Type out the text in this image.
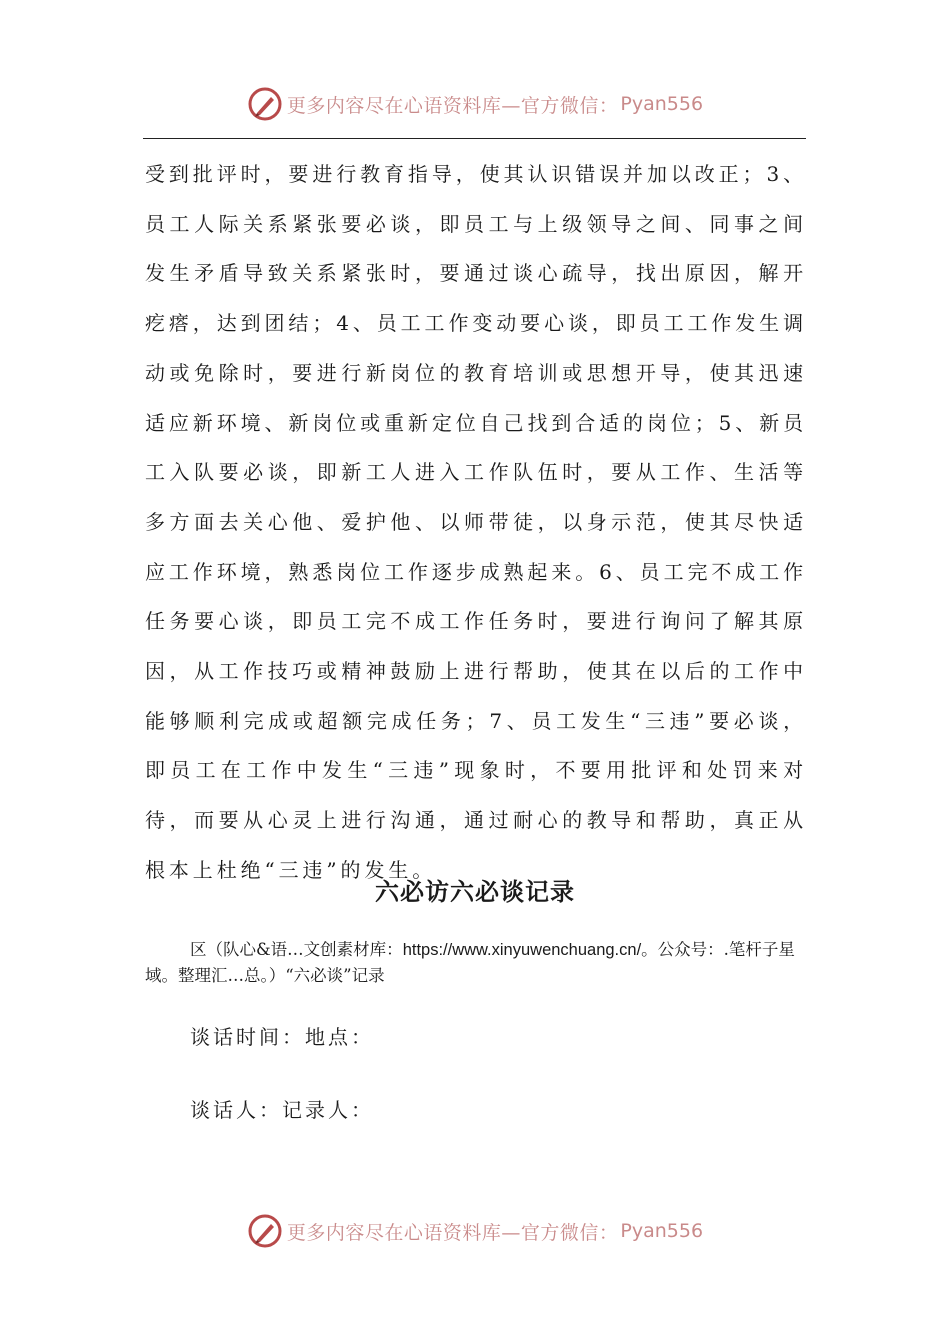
更多内容尽在心语资料库—官方微信： Pyan556
受到批评时，要进行教育指导，使其认识错误并加以改正；3、员工人际关系紧张要必谈，即员工与上级领导之间、同事之间发生矛盾导致关系紧张时，要通过谈心疏导，找出原因，解开疙瘩，达到团结；4、员工工作变动要心谈，即员工工作发生调动或免除时，要进行新岗位的教育培训或思想开导，使其迅速适应新环境、新岗位或重新定位自己找到合适的岗位；5、新员工入队要必谈，即新工人进入工作队伍时，要从工作、生活等多方面去关心他、爱护他、以师带徒，以身示范，使其尽快适应工作环境，熟悉岗位工作逐步成熟起来。6、员工完不成工作任务要心谈，即员工完不成工作任务时，要进行询问了解其原因，从工作技巧或精神鼓励上进行帮助，使其在以后的工作中能够顺利完成或超额完成任务；7、员工发生“三违”要必谈，即员工在工作中发生“三违”现象时，不要用批评和处罚来对待，而要从心灵上进行沟通，通过耐心的教导和帮助，真正从根本上杜绝“三违”的发生。
六必访六必谈记录
区（队心&语…文创素材库：https://www.xinyuwenchuang.cn/。公众号：.笔杆子星域。整理汇…总。）“六必谈”记录
谈话时间：地点：
谈话人：记录人：
更多内容尽在心语资料库—官方微信： Pyan556
